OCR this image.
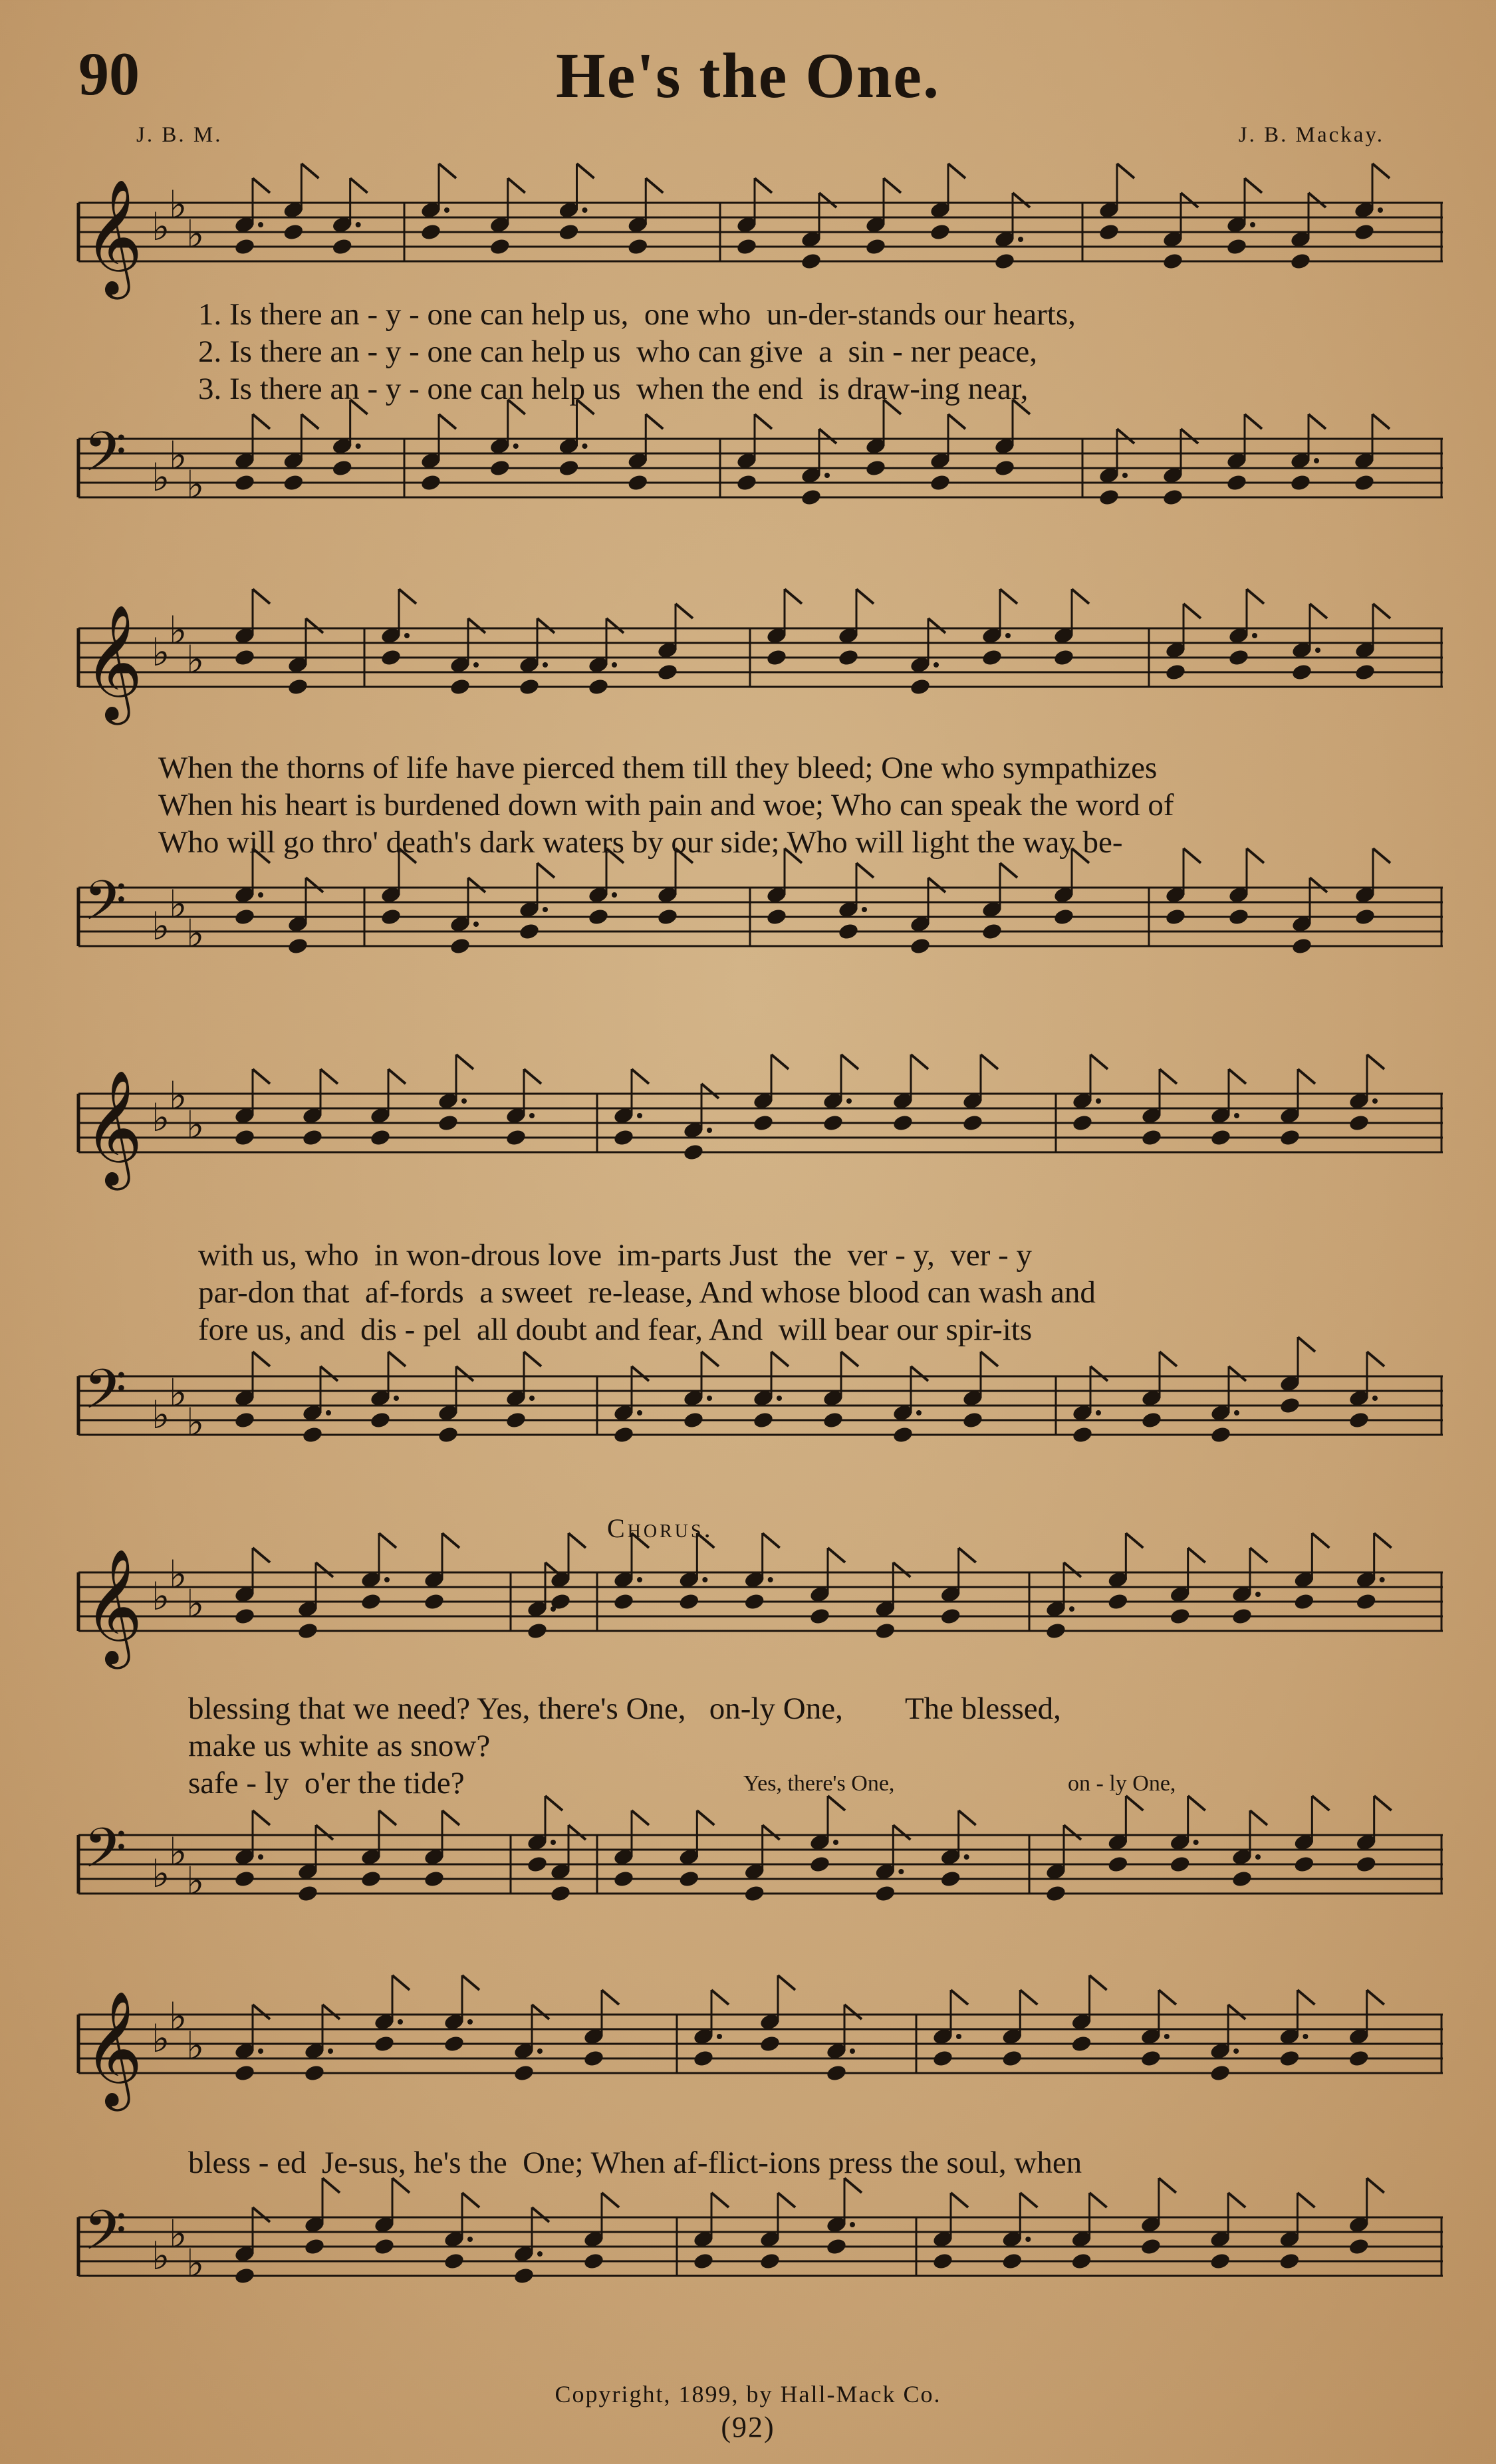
90	He's the One.
J. B. M.	J. B. Mackay.
𝄞 ♭
♭
♭
1. Is there an - y - one can help us,  one who  un-der-stands our hearts,
2. Is there an - y - one can help us  who can give  a  sin - ner peace,
3. Is there an - y - one can help us  when the end  is draw-ing near,
𝄢 ♭
♭
♭
𝄞 ♭
♭
♭
When the thorns of life have pierced them till they bleed; One who sympathizes
When his heart is burdened down with pain and woe; Who can speak the word of
Who will go thro' death's dark waters by our side; Who will light the way be-
𝄢 ♭
♭
♭
𝄞 ♭
♭
♭
with us, who  in won-drous love  im-parts Just  the  ver - y,  ver - y
par-don that  af-fords  a sweet  re-lease, And whose blood can wash and
fore us, and  dis - pel  all doubt and fear, And  will bear our spir-its
𝄢 ♭
♭
♭
Chorus.
𝄞 ♭
♭
♭
blessing that we need? Yes, there's One,   on-ly One,        The blessed,
make us white as snow?
safe - ly  o'er the tide?	Yes, there's One,	on - ly One,
𝄢 ♭
♭
♭
𝄞 ♭
♭
♭
bless - ed  Je-sus, he's the  One; When af-flict-ions press the soul, when
𝄢 ♭
♭
♭
Copyright, 1899, by Hall-Mack Co.
(92)
